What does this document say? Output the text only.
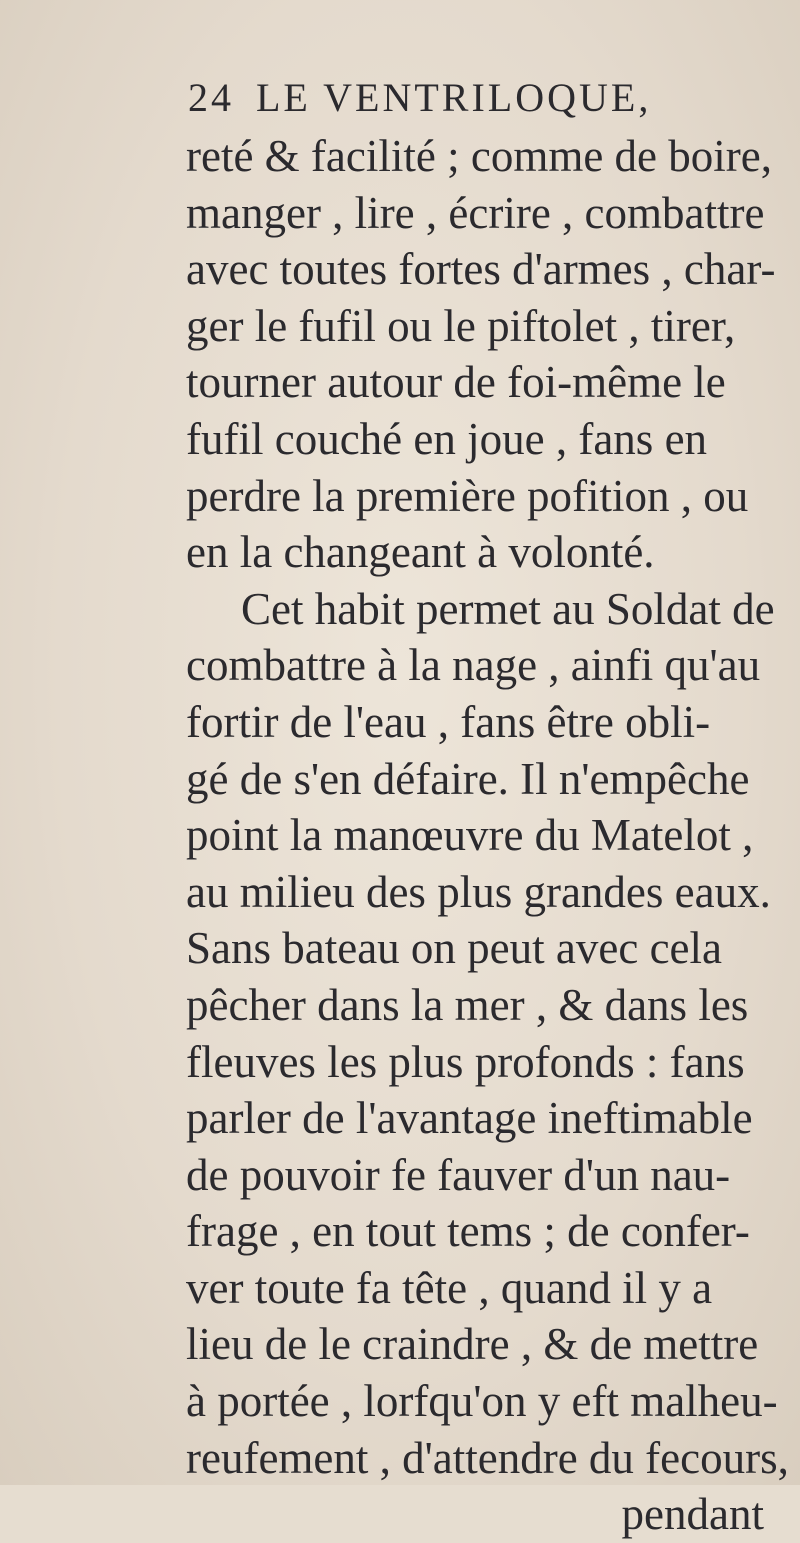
24 LE VENTRILOQUE,
reté & facilité ; comme de boire,
manger , lire , écrire , combattre
avec toutes fortes d'armes , char-
ger le fufil ou le piftolet , tirer,
tourner autour de foi-même le
fufil couché en joue , fans en
perdre la première pofition , ou
en la changeant à volonté.
Cet habit permet au Soldat de
combattre à la nage , ainfi qu'au
fortir de l'eau , fans être obli-
gé de s'en défaire. Il n'empêche
point la manœuvre du Matelot ,
au milieu des plus grandes eaux.
Sans bateau on peut avec cela
pêcher dans la mer , & dans les
fleuves les plus profonds : fans
parler de l'avantage ineftimable
de pouvoir fe fauver d'un nau-
frage , en tout tems ; de confer-
ver toute fa tête , quand il y a
lieu de le craindre , & de mettre
à portée , lorfqu'on y eft malheu-
reufement , d'attendre du fecours,
pendant
